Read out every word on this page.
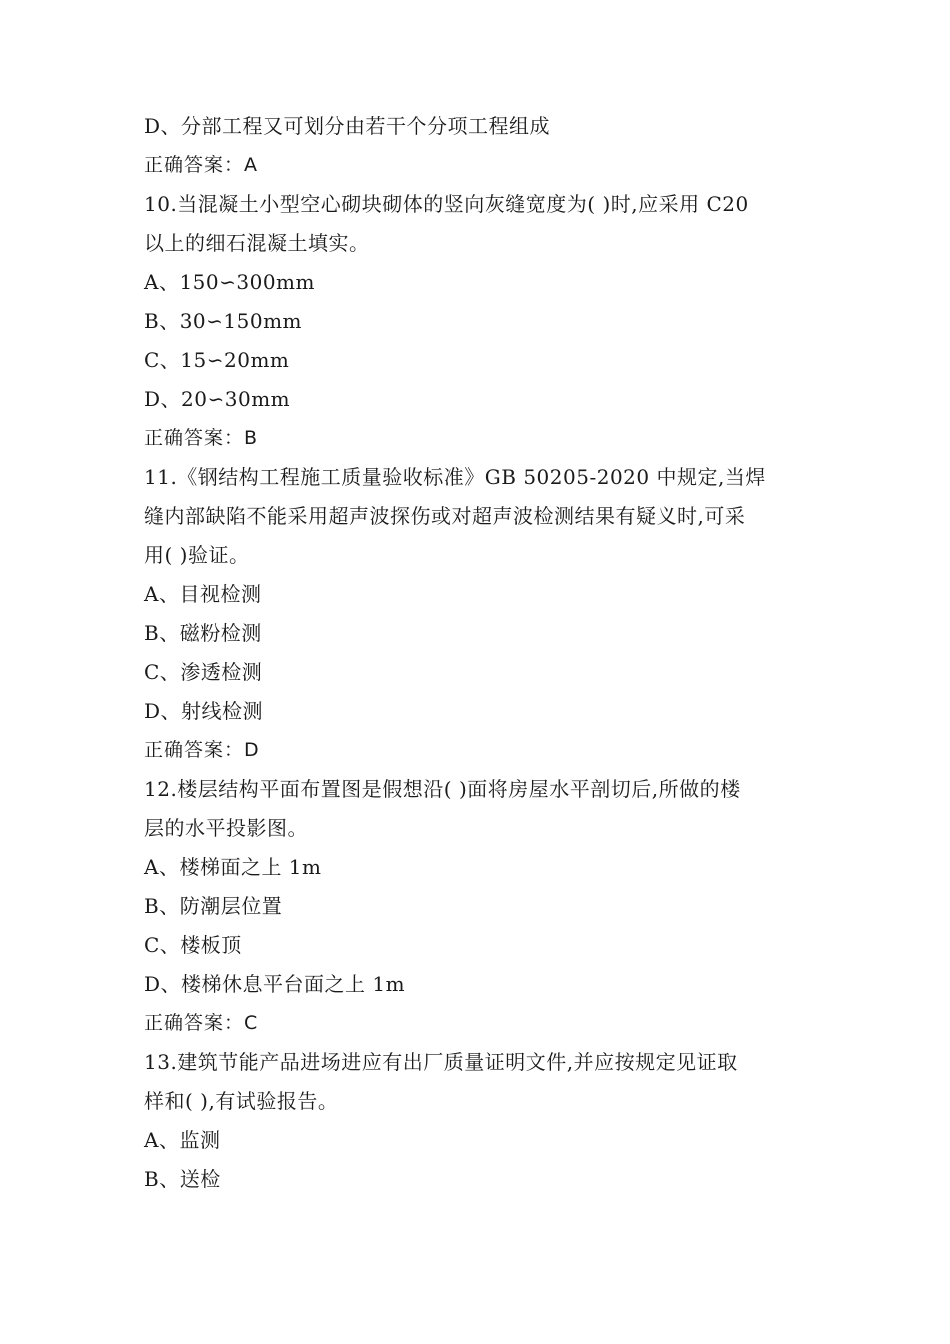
D、分部工程又可划分由若干个分项工程组成
正确答案：A
10.当混凝土小型空心砌块砌体的竖向灰缝宽度为( )时,应采用 C20
以上的细石混凝土填实。
A、150∽300mm
B、30∽150mm
C、15∽20mm
D、20∽30mm
正确答案：B
11.《钢结构工程施工质量验收标准》GB 50205-2020 中规定,当焊
缝内部缺陷不能采用超声波探伤或对超声波检测结果有疑义时,可采
用( )验证。
A、目视检测
B、磁粉检测
C、渗透检测
D、射线检测
正确答案：D
12.楼层结构平面布置图是假想沿( )面将房屋水平剖切后,所做的楼
层的水平投影图。
A、楼梯面之上 1m
B、防潮层位置
C、楼板顶
D、楼梯休息平台面之上 1m
正确答案：C
13.建筑节能产品进场进应有出厂质量证明文件,并应按规定见证取
样和( ),有试验报告。
A、监测
B、送检
